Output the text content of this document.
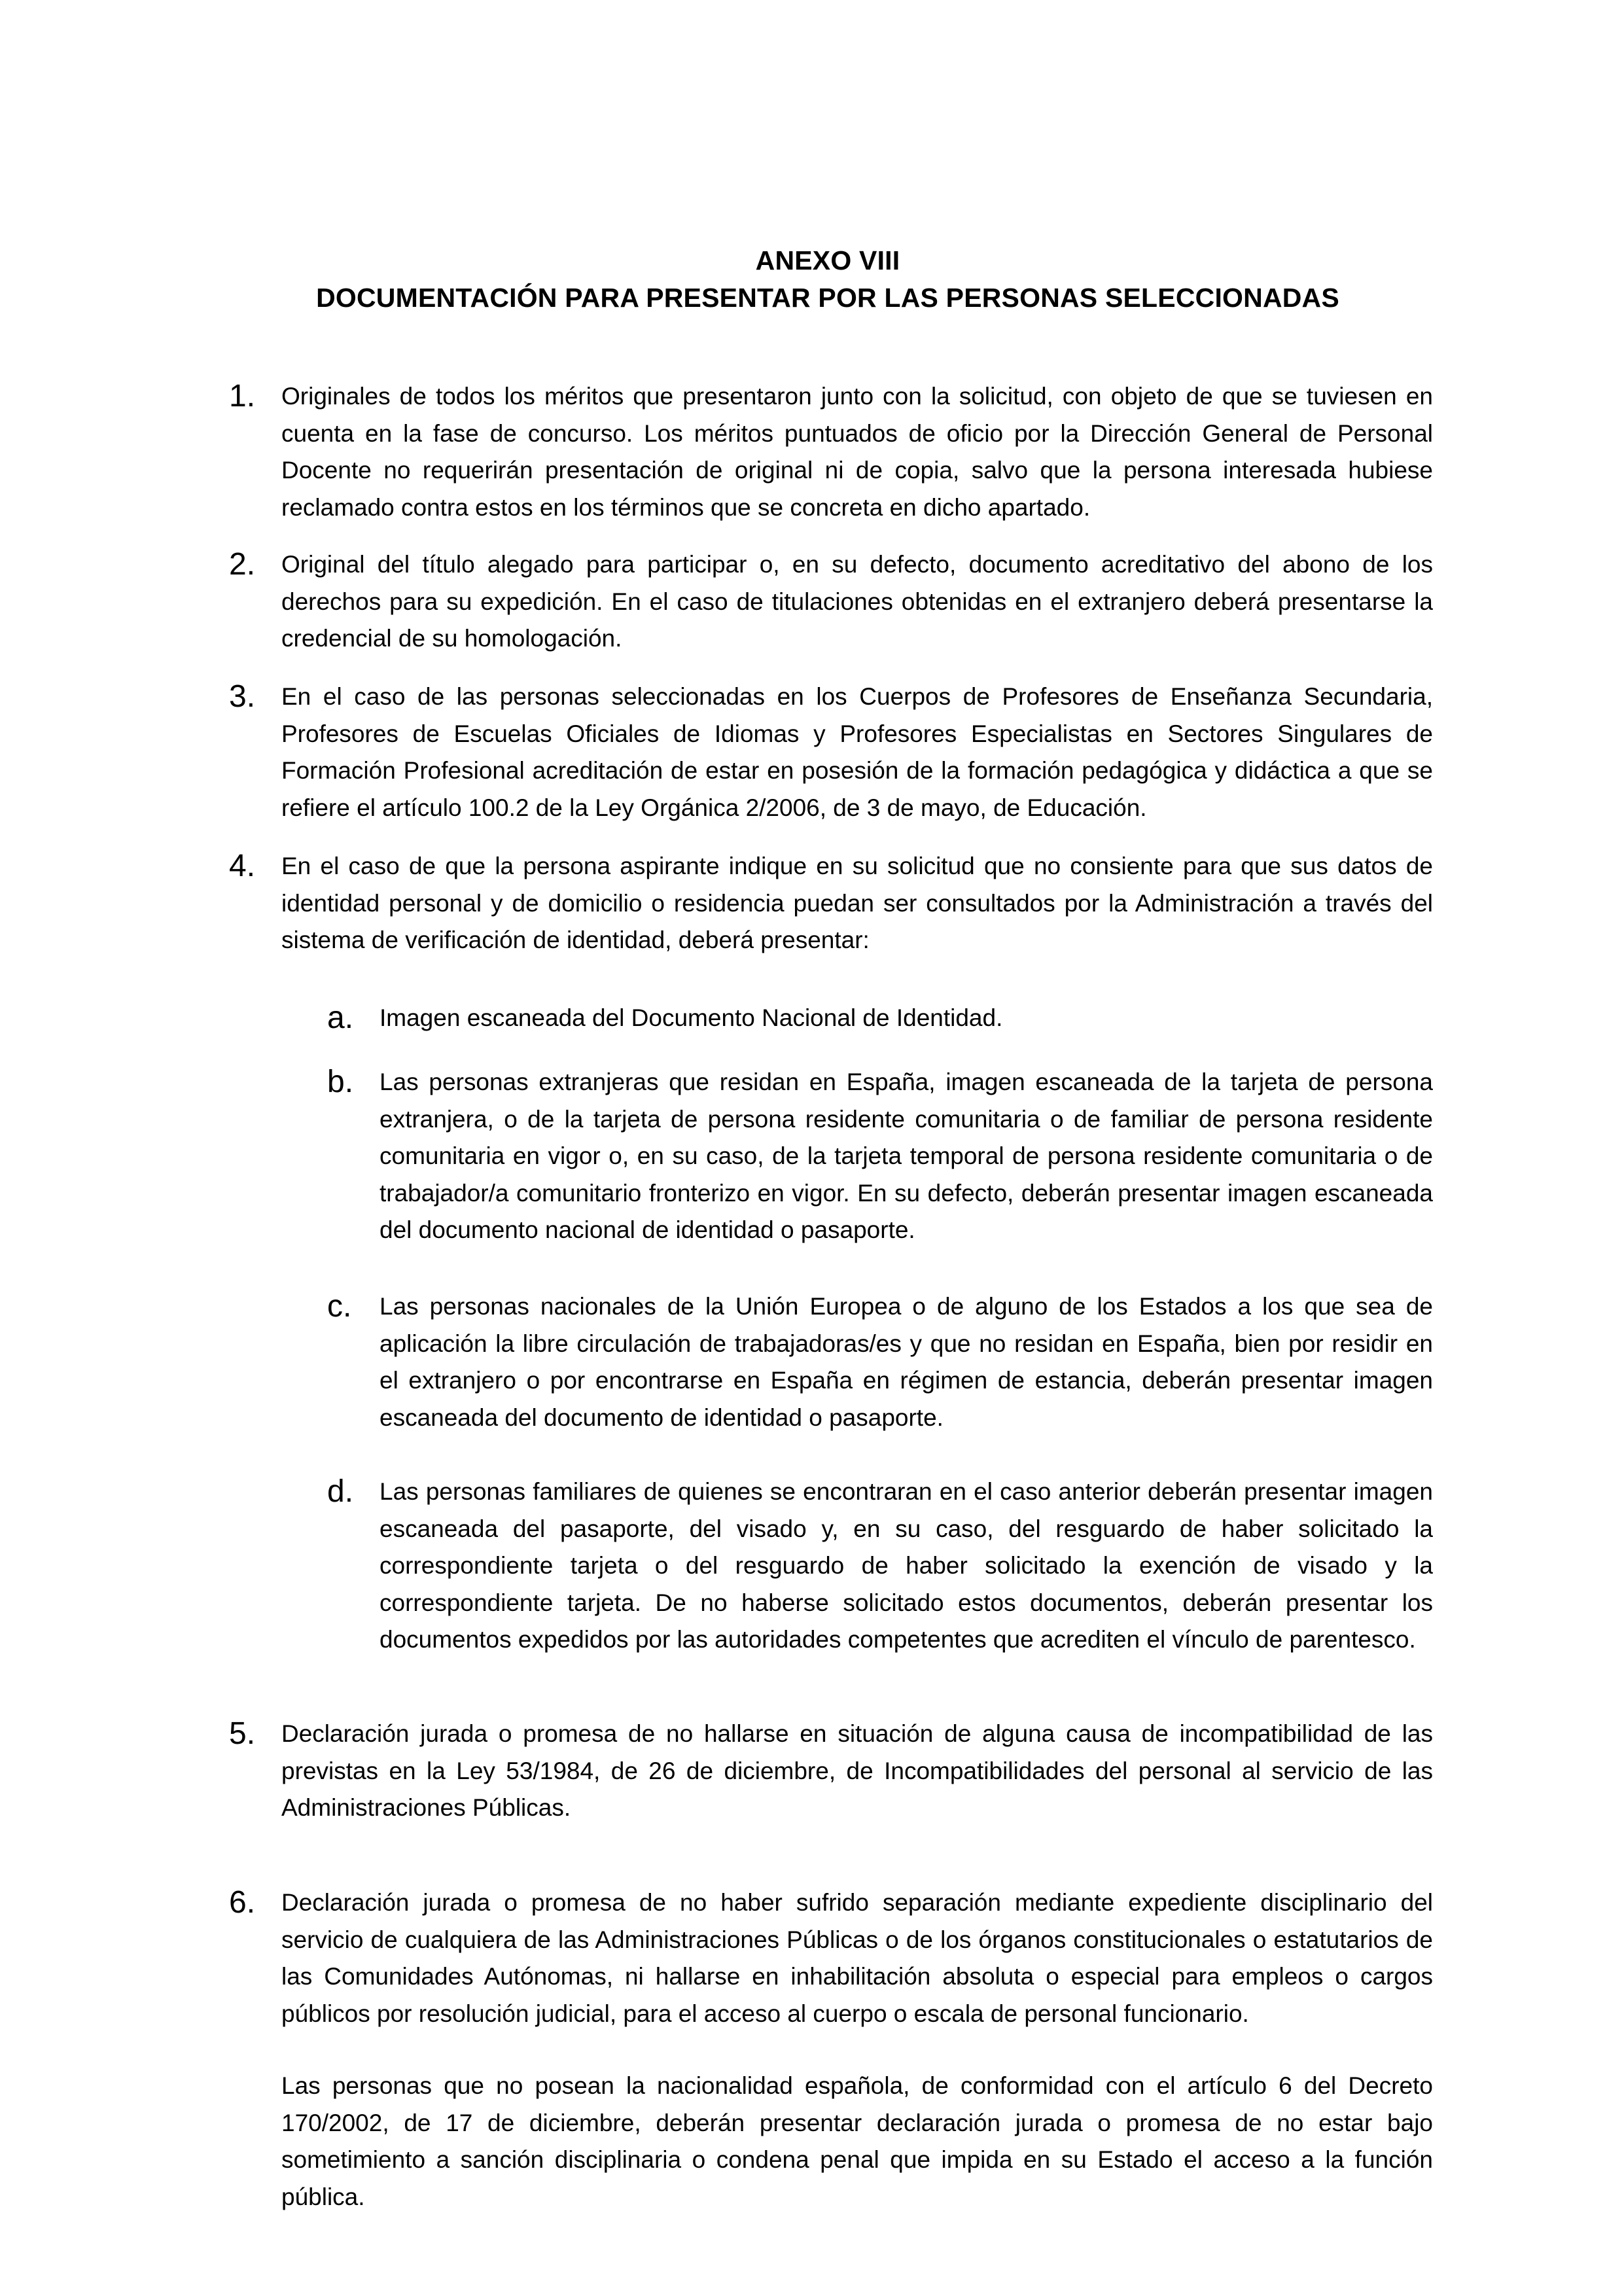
ANEXO VIII
DOCUMENTACIÓN PARA PRESENTAR POR LAS PERSONAS SELECCIONADAS
1. Originales de todos los méritos que presentaron junto con la solicitud, con objeto de que se tuviesen en cuenta en la fase de concurso. Los méritos puntuados de oficio por la Dirección General de Personal Docente no requerirán presentación de original ni de copia, salvo que la persona interesada hubiese reclamado contra estos en los términos que se concreta en dicho apartado.
2. Original del título alegado para participar o, en su defecto, documento acreditativo del abono de los derechos para su expedición. En el caso de titulaciones obtenidas en el extranjero deberá presentarse la credencial de su homologación.
3. En el caso de las personas seleccionadas en los Cuerpos de Profesores de Enseñanza Secundaria, Profesores de Escuelas Oficiales de Idiomas y Profesores Especialistas en Sectores Singulares de Formación Profesional acreditación de estar en posesión de la formación pedagógica y didáctica a que se refiere el artículo 100.2 de la Ley Orgánica 2/2006, de 3 de mayo, de Educación.
4. En el caso de que la persona aspirante indique en su solicitud que no consiente para que sus datos de identidad personal y de domicilio o residencia puedan ser consultados por la Administración a través del sistema de verificación de identidad, deberá presentar:
a. Imagen escaneada del Documento Nacional de Identidad.
b. Las personas extranjeras que residan en España, imagen escaneada de la tarjeta de persona extranjera, o de la tarjeta de persona residente comunitaria o de familiar de persona residente comunitaria en vigor o, en su caso, de la tarjeta temporal de persona residente comunitaria o de trabajador/a comunitario fronterizo en vigor. En su defecto, deberán presentar imagen escaneada del documento nacional de identidad o pasaporte.
c. Las personas nacionales de la Unión Europea o de alguno de los Estados a los que sea de aplicación la libre circulación de trabajadoras/es y que no residan en España, bien por residir en el extranjero o por encontrarse en España en régimen de estancia, deberán presentar imagen escaneada del documento de identidad o pasaporte.
d. Las personas familiares de quienes se encontraran en el caso anterior deberán presentar imagen escaneada del pasaporte, del visado y, en su caso, del resguardo de haber solicitado la correspondiente tarjeta o del resguardo de haber solicitado la exención de visado y la correspondiente tarjeta. De no haberse solicitado estos documentos, deberán presentar los documentos expedidos por las autoridades competentes que acrediten el vínculo de parentesco.
5. Declaración jurada o promesa de no hallarse en situación de alguna causa de incompatibilidad de las previstas en la Ley 53/1984, de 26 de diciembre, de Incompatibilidades del personal al servicio de las Administraciones Públicas.
6. Declaración jurada o promesa de no haber sufrido separación mediante expediente disciplinario del servicio de cualquiera de las Administraciones Públicas o de los órganos constitucionales o estatutarios de las Comunidades Autónomas, ni hallarse en inhabilitación absoluta o especial para empleos o cargos públicos por resolución judicial, para el acceso al cuerpo o escala de personal funcionario.
Las personas que no posean la nacionalidad española, de conformidad con el artículo 6 del Decreto 170/2002, de 17 de diciembre, deberán presentar declaración jurada o promesa de no estar bajo sometimiento a sanción disciplinaria o condena penal que impida en su Estado el acceso a la función pública.
